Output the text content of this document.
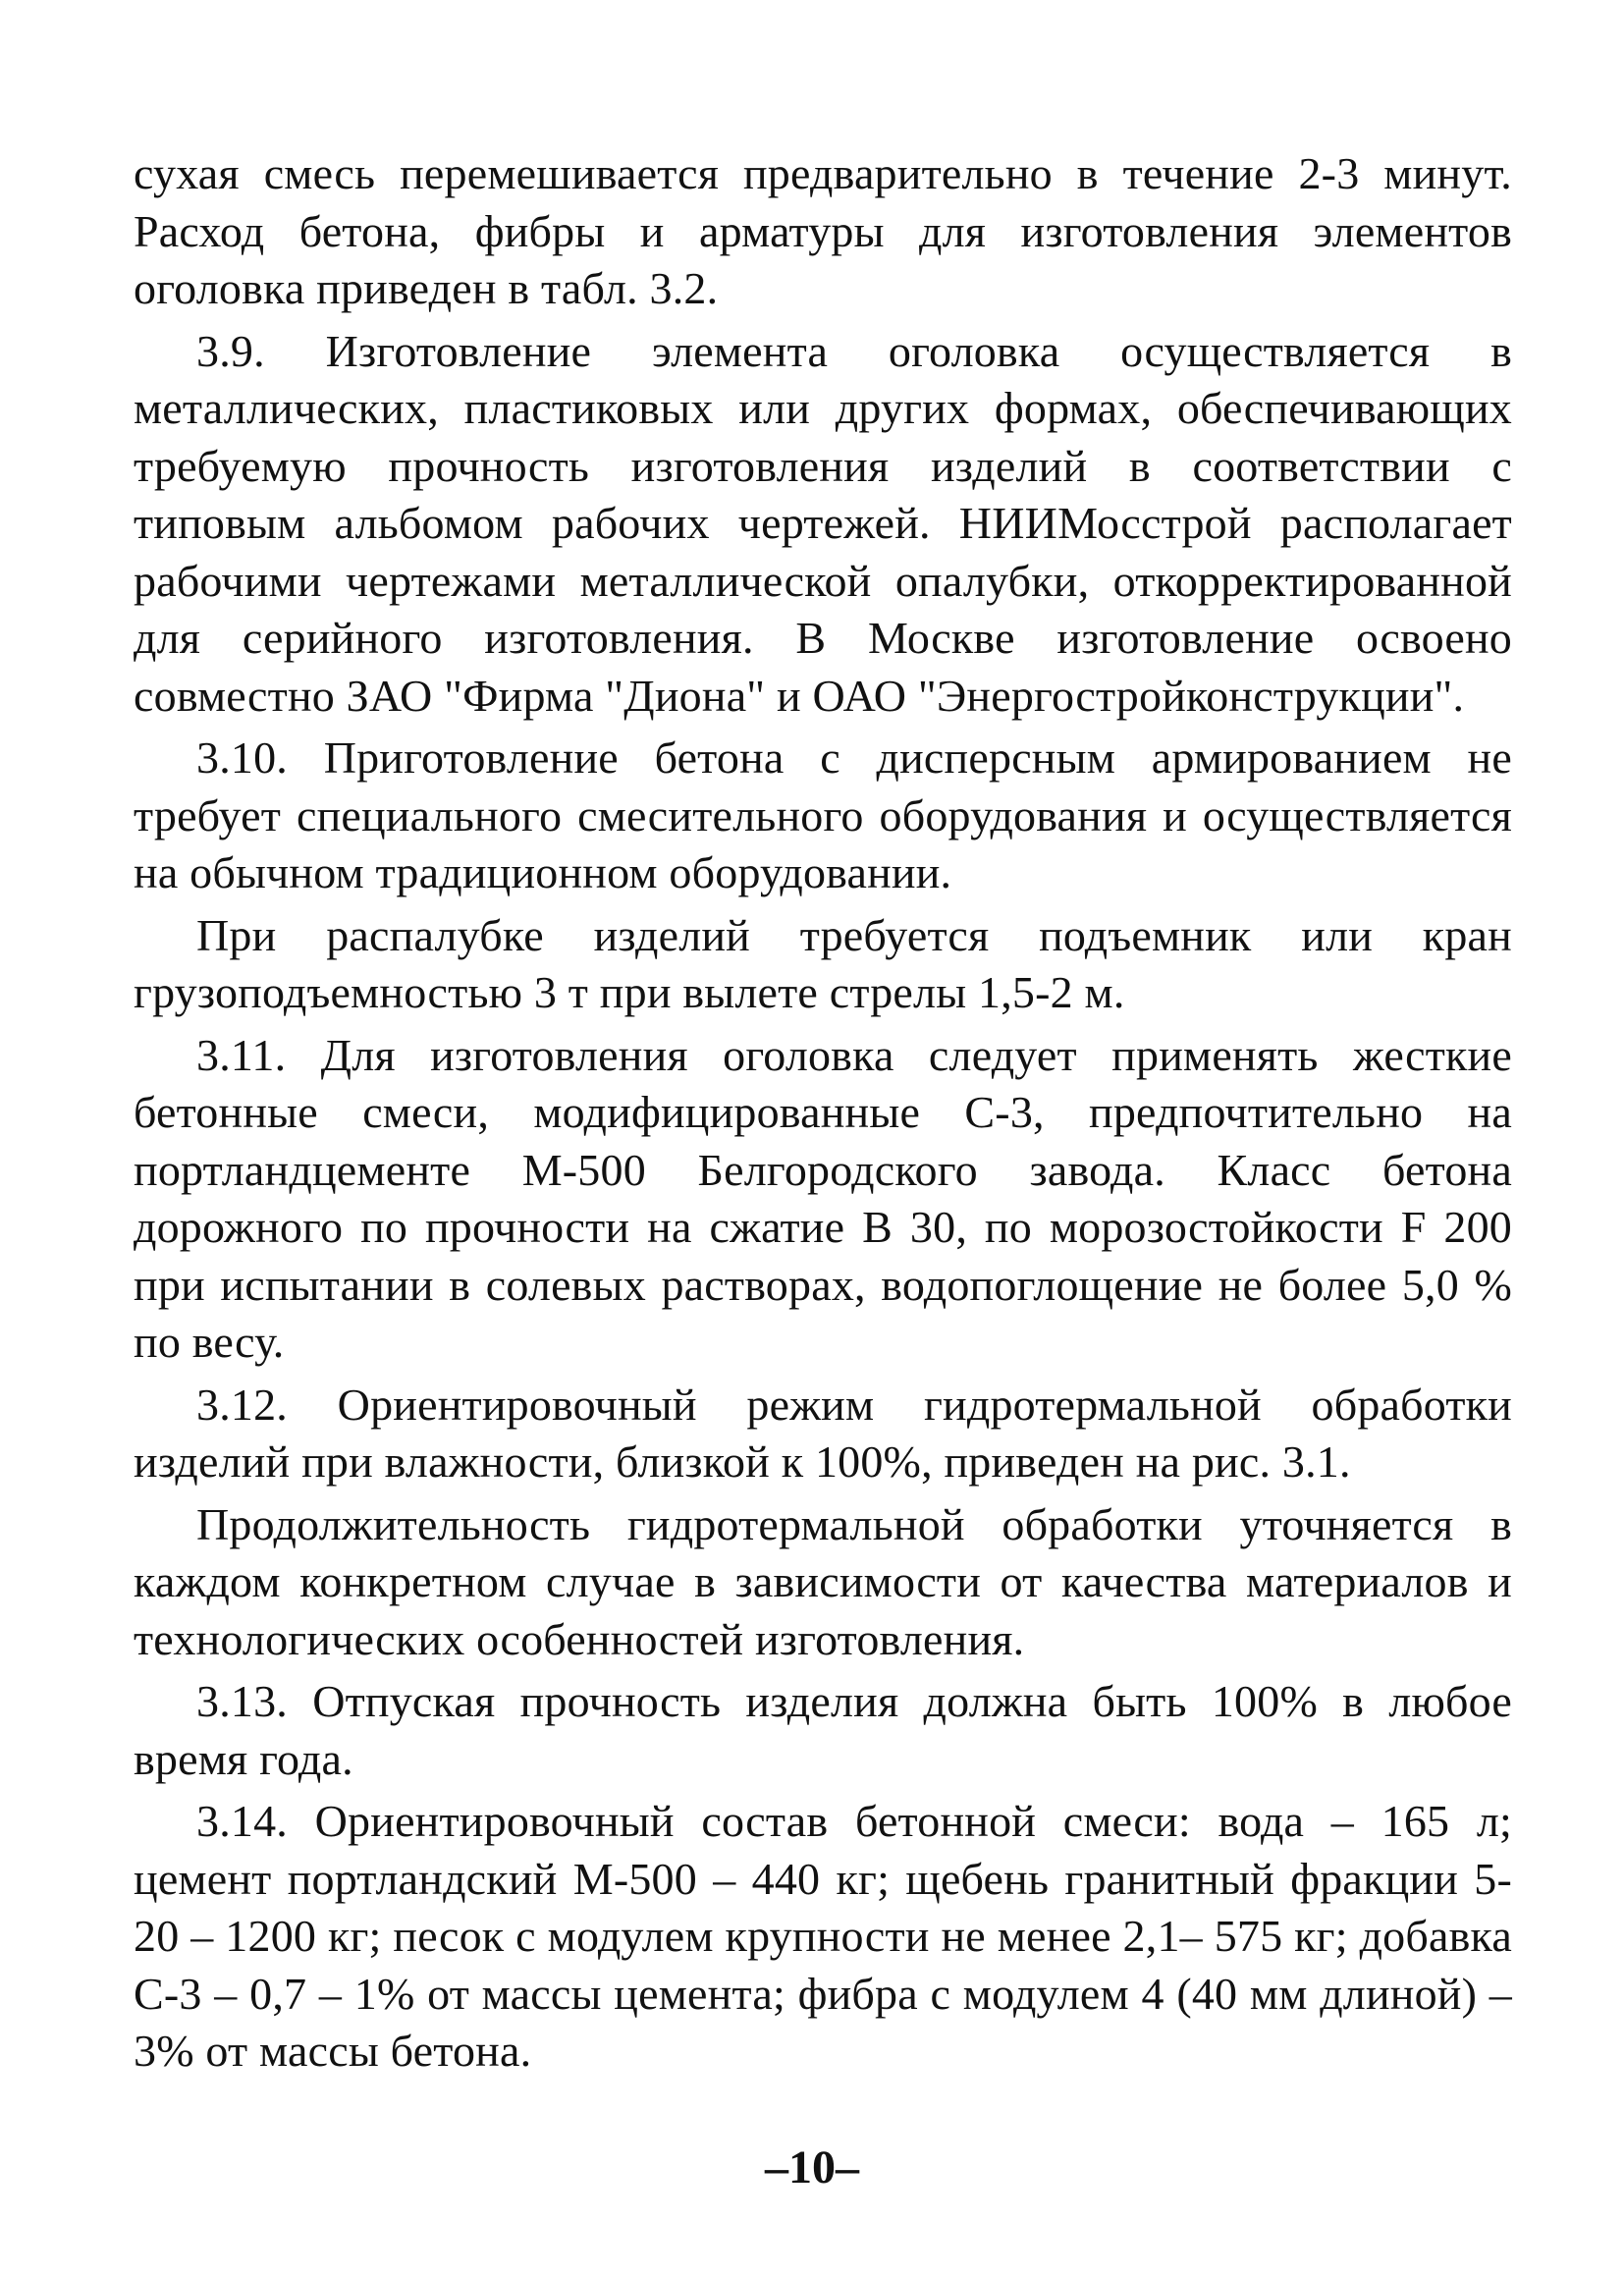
сухая смесь перемешивается предварительно в течение 2-3 минут. Расход бетона, фибры и арматуры для изготовления элементов оголовка приведен в табл. 3.2.

3.9. Изготовление элемента оголовка осуществляется в металлических, пластиковых или других формах, обеспечивающих требуемую прочность изготовления изделий в соответствии с типовым альбомом рабочих чертежей. НИИМосстрой располагает рабочими чертежами металлической опалубки, откорректированной для серийного изготовления. В Москве изготовление освоено совместно ЗАО "Фирма "Диона" и ОАО "Энергостройконструкции".

3.10. Приготовление бетона с дисперсным армированием не требует специального смесительного оборудования и осуществляется на обычном традиционном оборудовании.

При распалубке изделий требуется подъемник или кран грузоподъемностью 3 т при вылете стрелы 1,5-2 м.

3.11. Для изготовления оголовка следует применять жесткие бетонные смеси, модифицированные С-3, предпочтительно на портландцементе М-500 Белгородского завода. Класс бетона дорожного по прочности на сжатие В 30, по морозостойкости F 200 при испытании в солевых растворах, водопоглощение не более 5,0 % по весу.

3.12. Ориентировочный режим гидротермальной обработки изделий при влажности, близкой к 100%, приведен на рис. 3.1.

Продолжительность гидротермальной обработки уточняется в каждом конкретном случае в зависимости от качества материалов и технологических особенностей изготовления.

3.13. Отпуская прочность изделия должна быть 100% в любое время года.

3.14. Ориентировочный состав бетонной смеси: вода – 165 л; цемент портландский М-500 – 440 кг; щебень гранитный фракции 5-20 – 1200 кг; песок с модулем крупности не менее 2,1– 575 кг; добавка С-3 – 0,7 – 1% от массы цемента; фибра с модулем 4 (40 мм длиной) – 3% от массы бетона.

–10–
